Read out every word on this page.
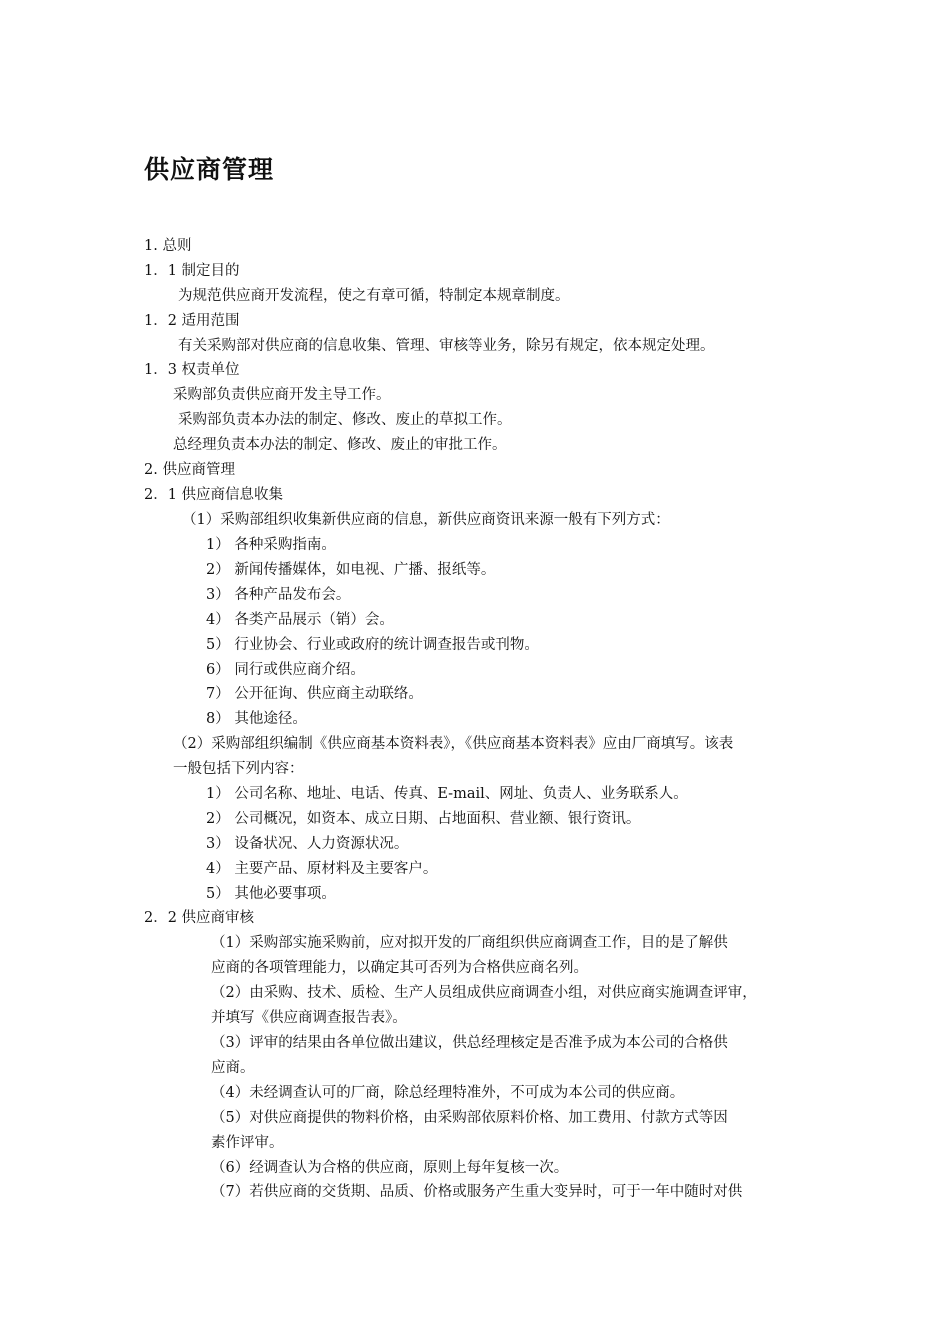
供应商管理
1. 总则
1．1 制定目的
为规范供应商开发流程，使之有章可循，特制定本规章制度。
1．2 适用范围
有关采购部对供应商的信息收集、管理、审核等业务，除另有规定，依本规定处理。
1．3 权责单位
采购部负责供应商开发主导工作。
采购部负责本办法的制定、修改、废止的草拟工作。
总经理负责本办法的制定、修改、废止的审批工作。
2. 供应商管理
2．1 供应商信息收集
（1）采购部组织收集新供应商的信息，新供应商资讯来源一般有下列方式：
1） 各种采购指南。
2） 新闻传播媒体，如电视、广播、报纸等。
3） 各种产品发布会。
4） 各类产品展示（销）会。
5） 行业协会、行业或政府的统计调查报告或刊物。
6） 同行或供应商介绍。
7） 公开征询、供应商主动联络。
8） 其他途径。
（2）采购部组织编制《供应商基本资料表》，《供应商基本资料表》应由厂商填写。该表
一般包括下列内容：
1） 公司名称、地址、电话、传真、E-mail、网址、负责人、业务联系人。
2） 公司概况，如资本、成立日期、占地面积、营业额、银行资讯。
3） 设备状况、人力资源状况。
4） 主要产品、原材料及主要客户。
5） 其他必要事项。
2．2 供应商审核
（1）采购部实施采购前，应对拟开发的厂商组织供应商调查工作，目的是了解供
应商的各项管理能力，以确定其可否列为合格供应商名列。
（2）由采购、技术、质检、生产人员组成供应商调查小组，对供应商实施调查评审，
并填写《供应商调查报告表》。
（3）评审的结果由各单位做出建议，供总经理核定是否准予成为本公司的合格供
应商。
（4）未经调查认可的厂商，除总经理特准外，不可成为本公司的供应商。
（5）对供应商提供的物料价格，由采购部依原料价格、加工费用、付款方式等因
素作评审。
（6）经调查认为合格的供应商，原则上每年复核一次。
（7）若供应商的交货期、品质、价格或服务产生重大变异时，可于一年中随时对供
